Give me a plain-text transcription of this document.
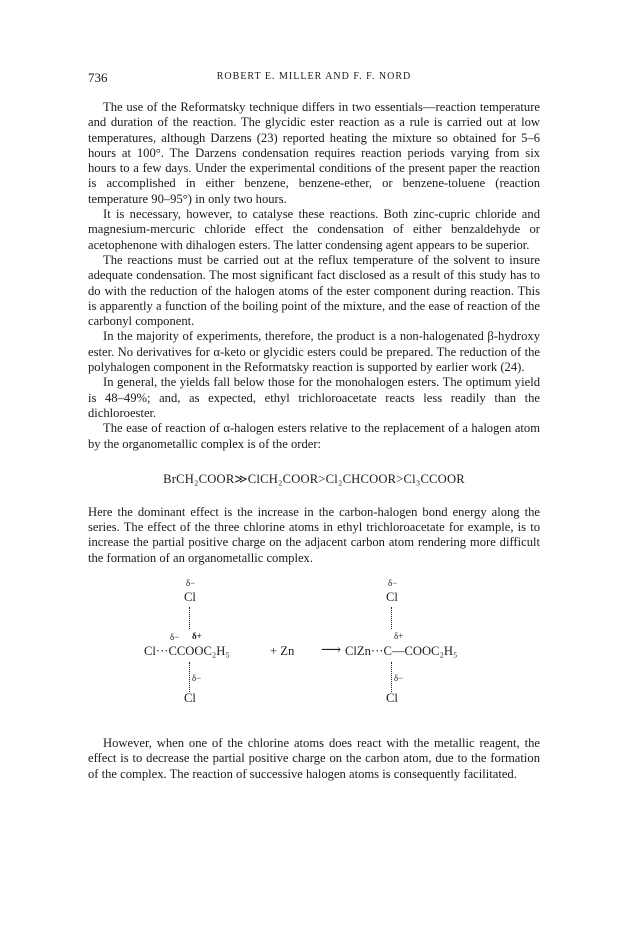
736	ROBERT E. MILLER AND F. F. NORD

The use of the Reformatsky technique differs in two essentials—reaction temperature and duration of the reaction. The glycidic ester reaction as a rule is carried out at low temperatures, although Darzens (23) reported heating the mixture so obtained for 5–6 hours at 100°. The Darzens condensation requires reaction periods varying from six hours to a few days. Under the experimental conditions of the present paper the reaction is accomplished in either benzene, benzene-ether, or benzene-toluene (reaction temperature 90–95°) in only two hours.

It is necessary, however, to catalyse these reactions. Both zinc-cupric chloride and magnesium-mercuric chloride effect the condensation of either benzaldehyde or acetophenone with dihalogen esters. The latter condensing agent appears to be superior.

The reactions must be carried out at the reflux temperature of the solvent to insure adequate condensation. The most significant fact disclosed as a result of this study has to do with the reduction of the halogen atoms of the ester component during reaction. This is apparently a function of the boiling point of the mixture, and the ease of reaction of the carbonyl component.

In the majority of experiments, therefore, the product is a non-halogenated β-hydroxy ester. No derivatives for α-keto or glycidic esters could be prepared. The reduction of the polyhalogen component in the Reformatsky reaction is supported by earlier work (24).

In general, the yields fall below those for the monohalogen esters. The optimum yield is 48–49%; and, as expected, ethyl trichloroacetate reacts less readily than the dichloroester.

The ease of reaction of α-halogen esters relative to the replacement of a halogen atom by the organometallic complex is of the order:

BrCH₂COOR≫ClCH₂COOR>Cl₂CHCOOR>Cl₃CCOOR

Here the dominant effect is the increase in the carbon-halogen bond energy along the series. The effect of the three chlorine atoms in ethyl trichloroacetate for example, is to increase the partial positive charge on the adjacent carbon atom rendering more difficult the formation of an organometallic complex.

δ−
Cl
δ− δ+
Cl···CCOOC₂H₅
δ−
Cl
+ Zn ⟶
δ−
Cl
δ+
ClZn···C—COOC₂H₅
δ−
Cl

However, when one of the chlorine atoms does react with the metallic reagent, the effect is to decrease the partial positive charge on the carbon atom, due to the formation of the complex. The reaction of successive halogen atoms is consequently facilitated.
